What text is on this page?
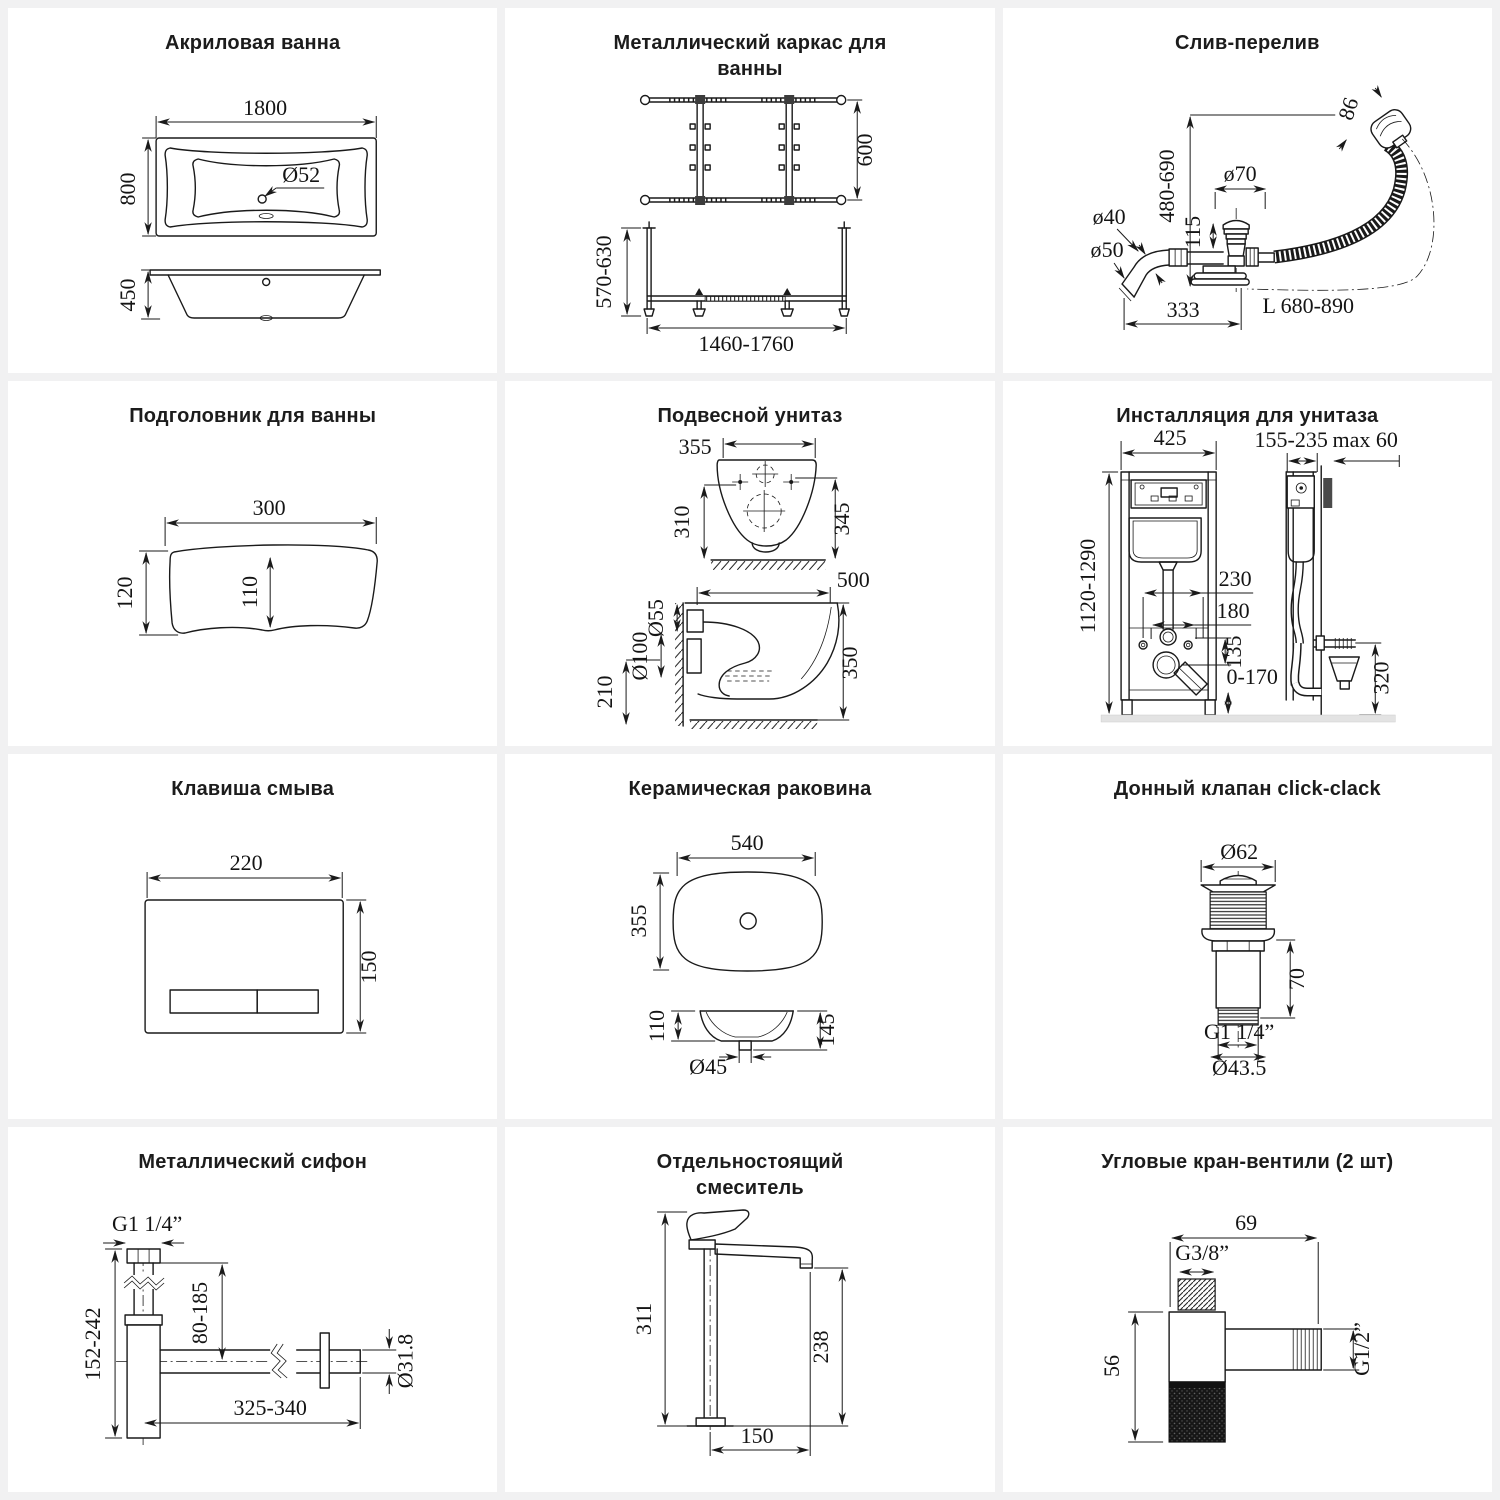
Акриловая ванна
1800
Ø52
800
450
Металлический каркас для ванны
600
570-630
1460-1760
Слив-перелив
86
L 680-890
480-690 ø70
115
ø40
ø50
333
Подголовник для ванны
300
120	110
Подвесной унитаз
355
310	345
500
Ø55
Ø100
210
350
Инсталляция для унитаза
425
1120-1290	230
180
135
0-170
155-235 max 60
320
Клавиша смыва
220
150
Керамическая раковина
540
355
110	145
Ø45
Донный клапан click-clack
Ø62
70
G1 1/4”
Ø43.5
Металлический сифон
G1 1/4”
152-242	80-185
Ø31.8
325-340
Отдельностоящий смеситель
311
238
150
Угловые кран-вентили (2 шт)
69
G3/8”
56	G1/2”
